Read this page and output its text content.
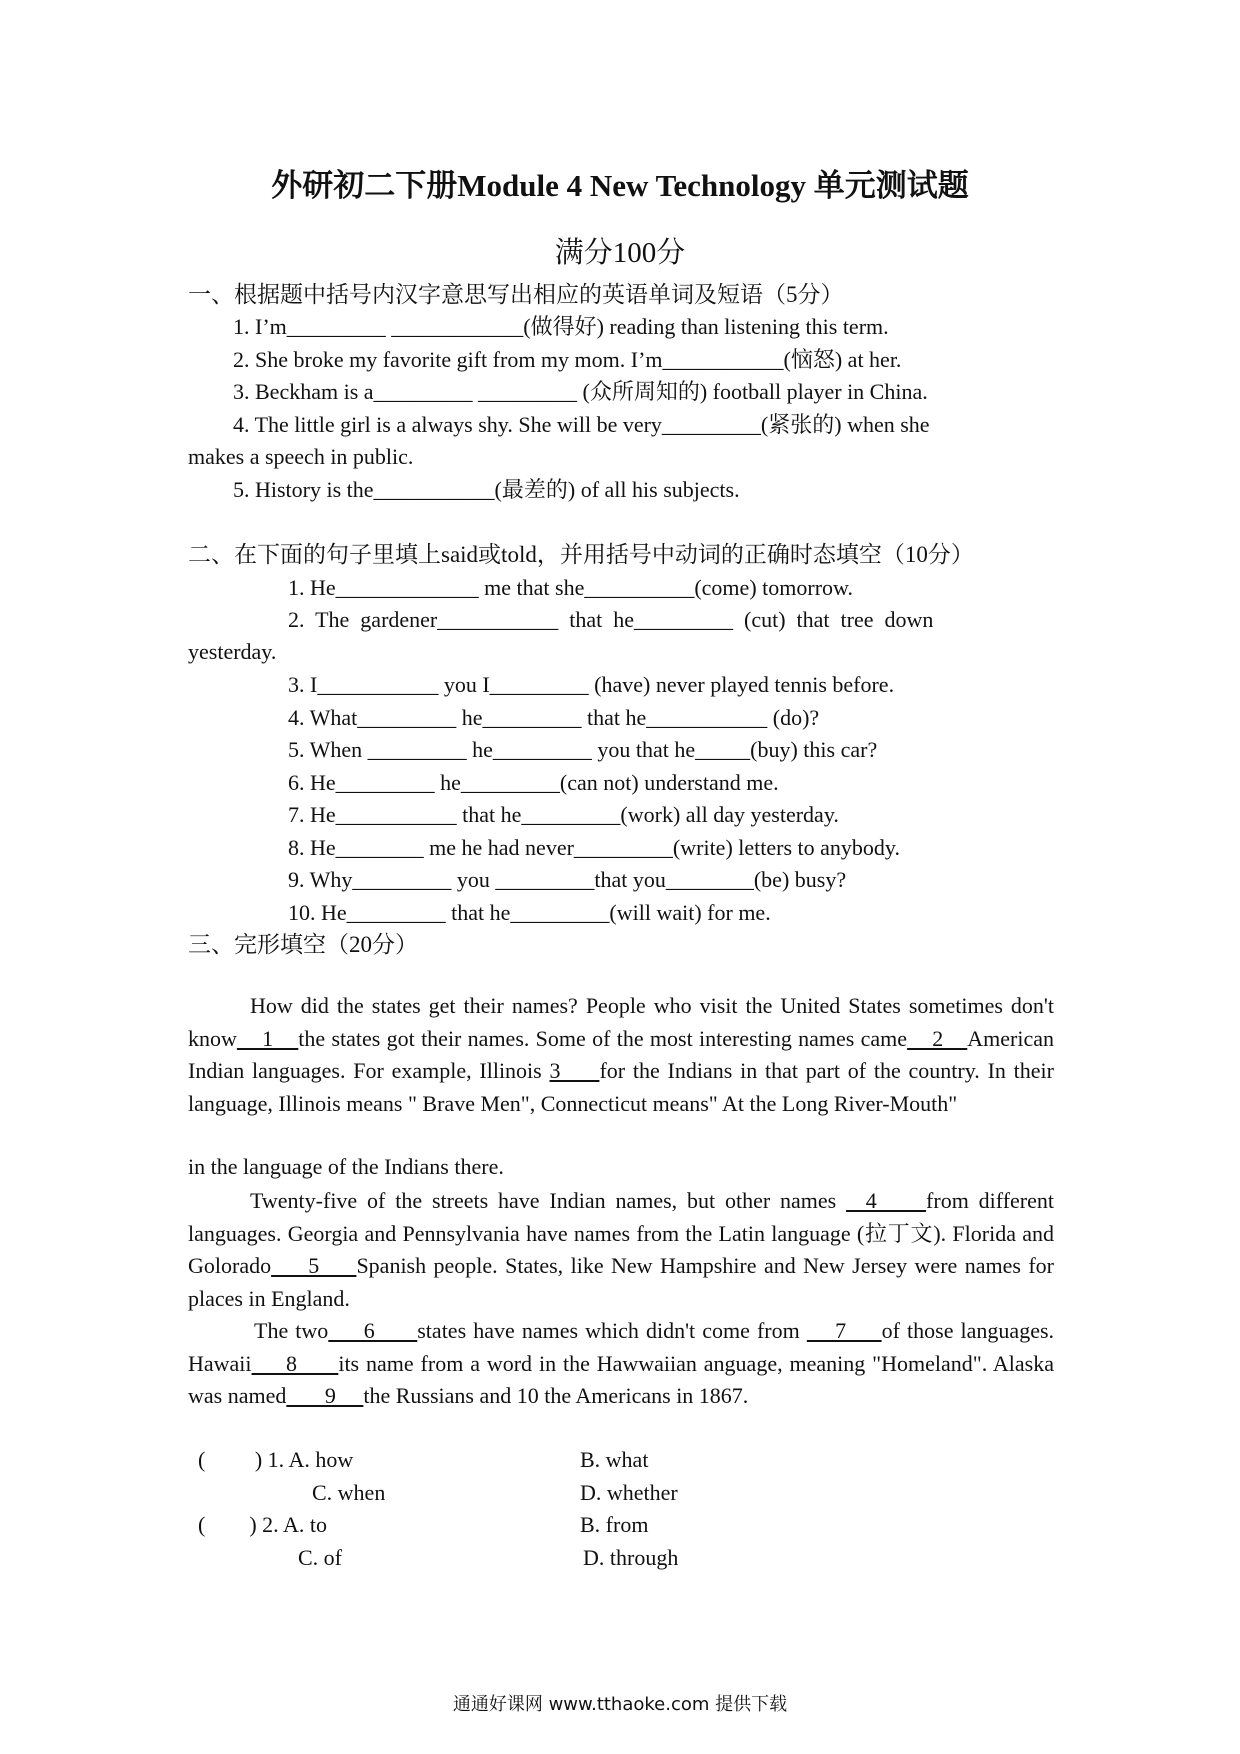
外研初二下册Module 4 New Technology 单元测试题
满分100分
一、根据题中括号内汉字意思写出相应的英语单词及短语（5分）
1. I’m_________ ____________(做得好) reading than listening this term.
2. She broke my favorite gift from my mom. I’m___________(恼怒) at her.
3. Beckham is a_________ _________ (众所周知的) football player in China.
4. The little girl is a always shy. She will be very_________(紧张的) when she
makes a speech in public.
5. History is the___________(最差的) of all his subjects.
二、在下面的句子里填上said或told，并用括号中动词的正确时态填空（10分）
1. He_____________ me that she__________(come) tomorrow.
2.  The  gardener___________  that  he_________  (cut)  that  tree  down
yesterday.
3. I___________ you I_________ (have) never played tennis before.
4. What_________ he_________ that he___________ (do)?
5. When _________ he_________ you that he_____(buy) this car?
6. He_________ he_________(can not) understand me.
7. He___________ that he_________(work) all day yesterday.
8. He________ me he had never_________(write) letters to anybody.
9. Why_________ you _________that you________(be) busy?
10. He_________ that he_________(will wait) for me.
三、完形填空（20分）
How did the states get their names? People who visit the United States sometimes don't know    1    the states got their names. Some of the most interesting names came    2    American Indian languages. For example, Illinois 3     for the Indians in that part of the country. In their language, Illinois means " Brave Men", Connecticut means" At the Long River-Mouth"
in the language of the Indians there.
Twenty-five of the streets have Indian names, but other names   4     from different languages. Georgia and Pennsylvania have names from the Latin language (拉丁文). Florida and Golorado     5     Spanish people. States, like New Hampshire and New Jersey were names for places in England.
The two     6      states have names which didn't come from     7     of those languages. Hawaii     8      its name from a word in the Hawwaiian anguage, meaning "Homeland". Alaska was named       9     the Russians and 10 the Americans in 1867.
(         ) 1. A. how	B. what
C. when	D. whether
(        ) 2. A. to	B. from
C. of	D. through
通通好课网 www.tthaoke.com 提供下载
